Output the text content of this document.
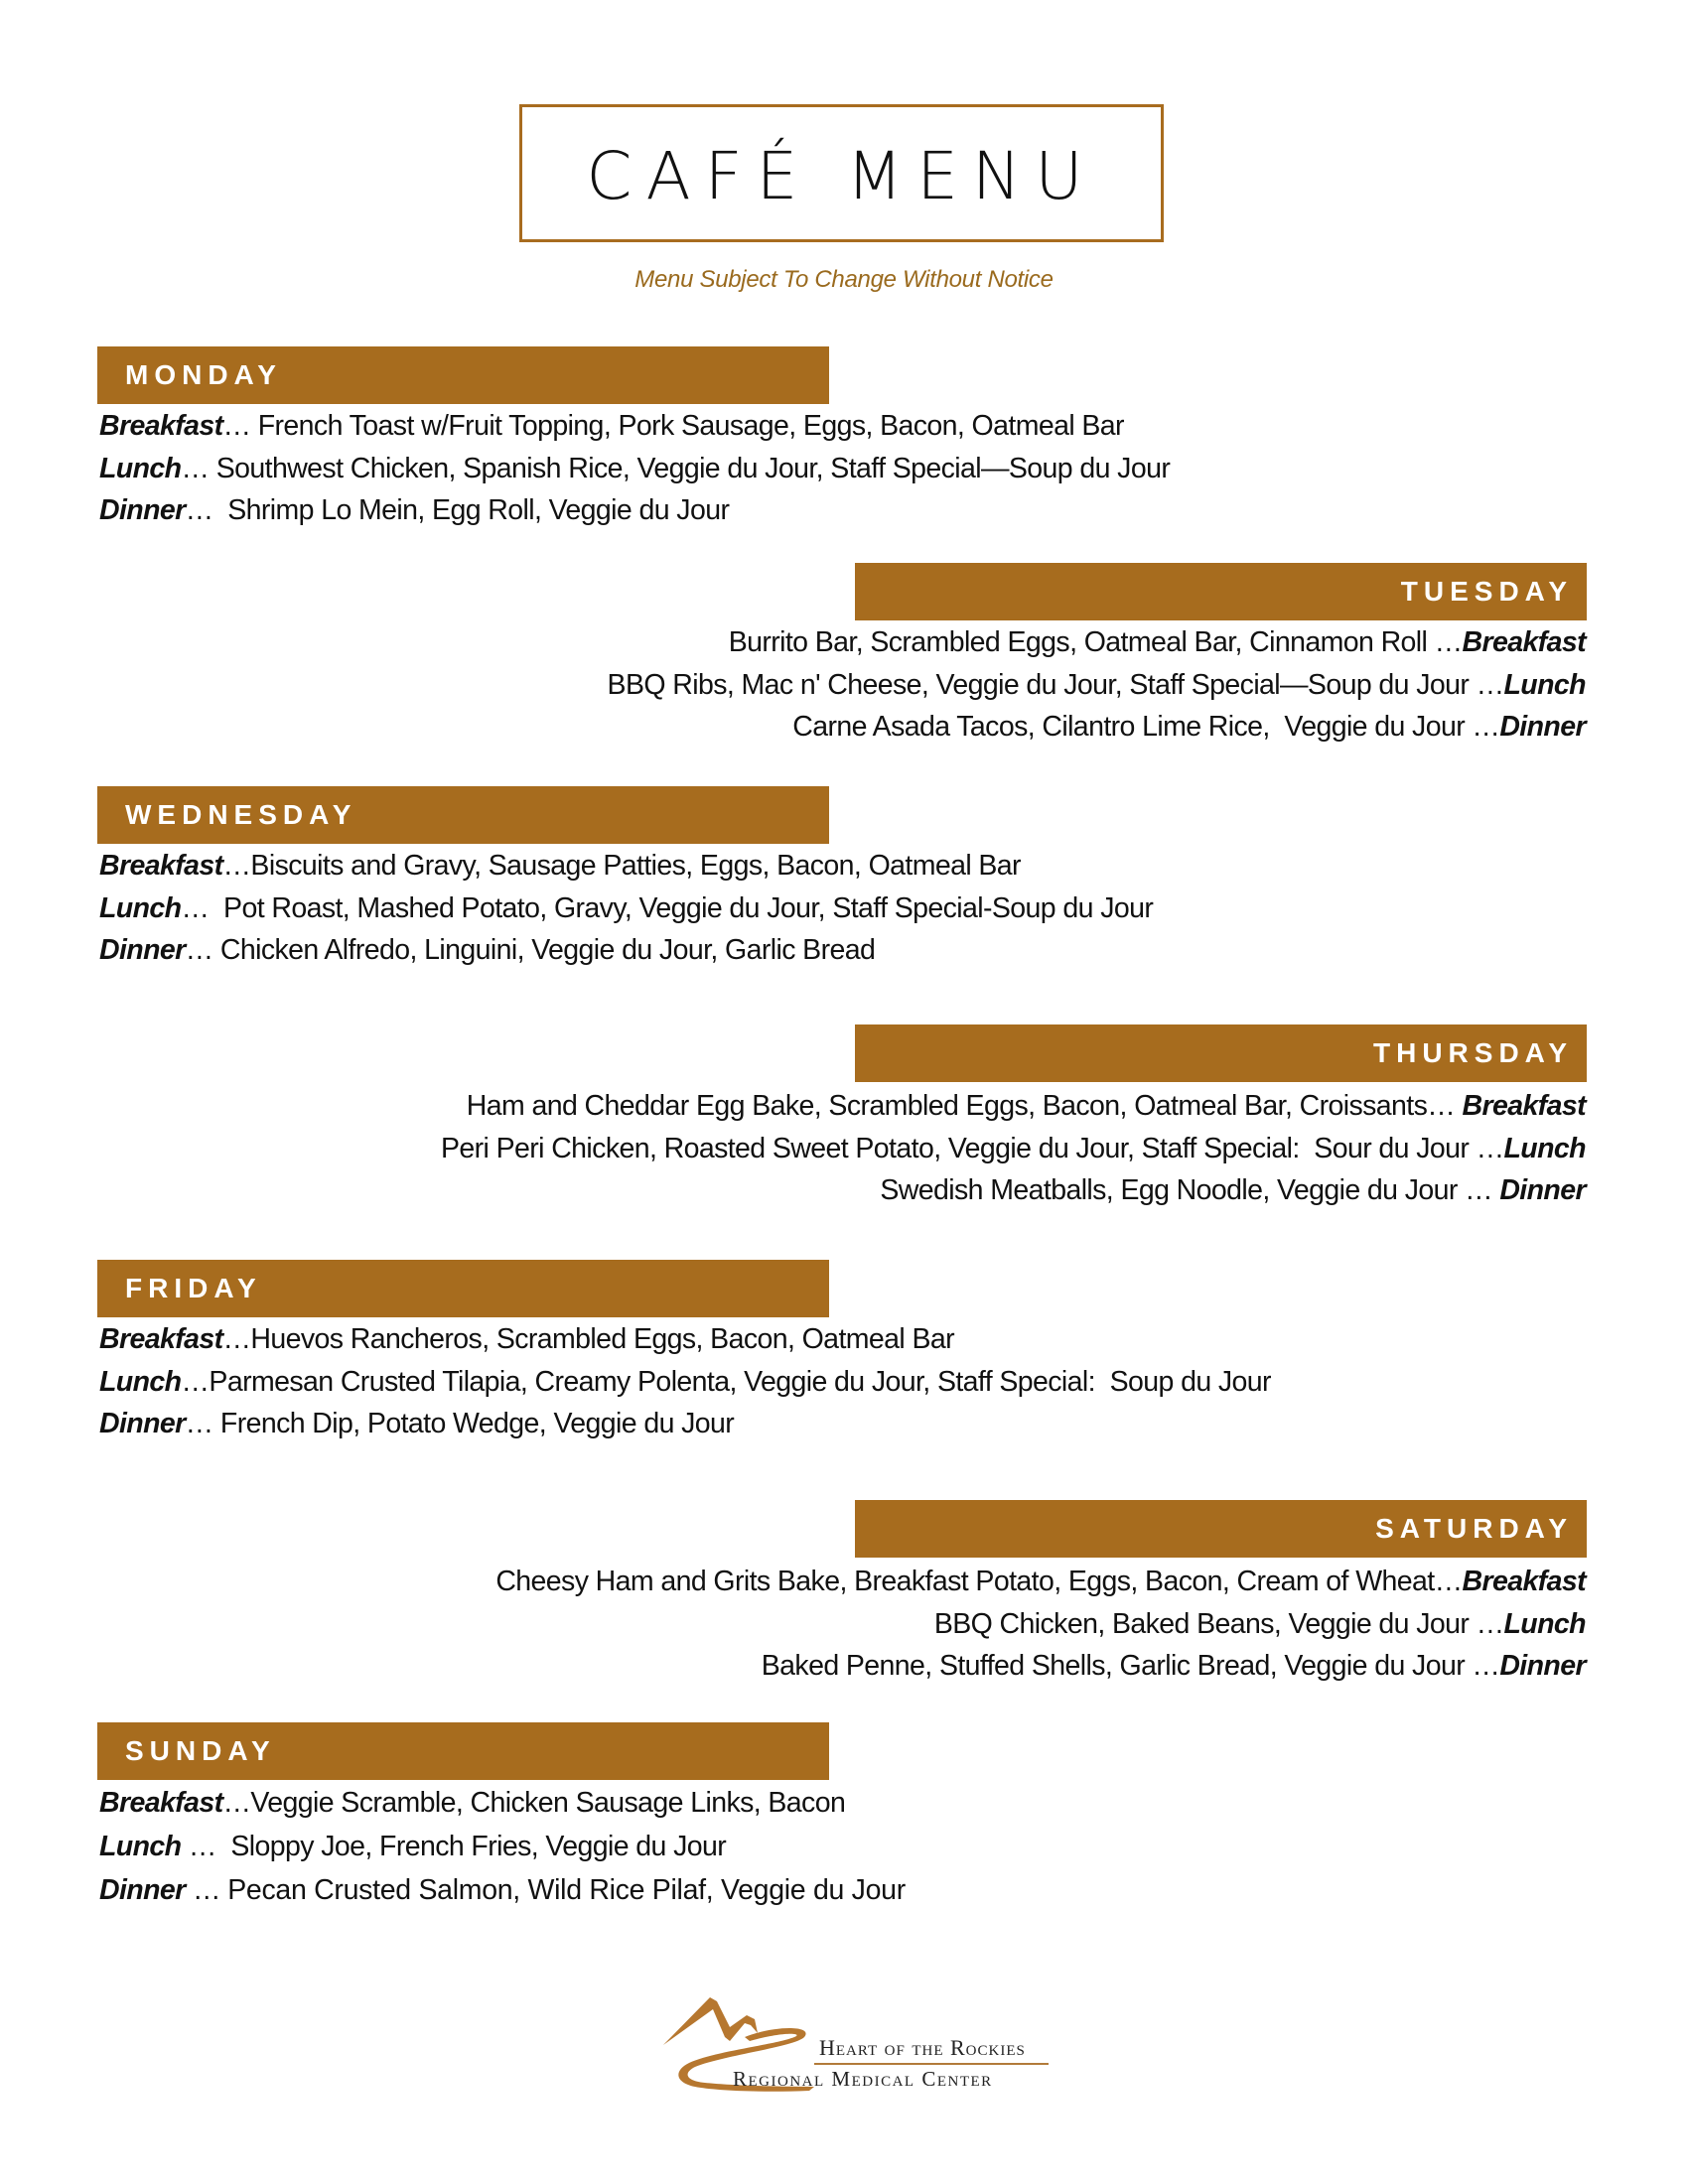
CAFÉ MENU
Menu Subject To Change Without Notice
MONDAY
Breakfast… French Toast w/Fruit Topping, Pork Sausage, Eggs, Bacon, Oatmeal Bar
Lunch… Southwest Chicken, Spanish Rice, Veggie du Jour, Staff Special—Soup du Jour
Dinner…  Shrimp Lo Mein, Egg Roll, Veggie du Jour
TUESDAY
Burrito Bar, Scrambled Eggs, Oatmeal Bar, Cinnamon Roll …Breakfast
BBQ Ribs, Mac n' Cheese, Veggie du Jour, Staff Special—Soup du Jour …Lunch
Carne Asada Tacos, Cilantro Lime Rice,  Veggie du Jour …Dinner
WEDNESDAY
Breakfast…Biscuits and Gravy, Sausage Patties, Eggs, Bacon, Oatmeal Bar
Lunch…  Pot Roast, Mashed Potato, Gravy, Veggie du Jour, Staff Special-Soup du Jour
Dinner… Chicken Alfredo, Linguini, Veggie du Jour, Garlic Bread
THURSDAY
Ham and Cheddar Egg Bake, Scrambled Eggs, Bacon, Oatmeal Bar, Croissants… Breakfast
Peri Peri Chicken, Roasted Sweet Potato, Veggie du Jour, Staff Special:  Sour du Jour …Lunch
Swedish Meatballs, Egg Noodle, Veggie du Jour … Dinner
FRIDAY
Breakfast…Huevos Rancheros, Scrambled Eggs, Bacon, Oatmeal Bar
Lunch…Parmesan Crusted Tilapia, Creamy Polenta, Veggie du Jour, Staff Special:  Soup du Jour
Dinner… French Dip, Potato Wedge, Veggie du Jour
SATURDAY
Cheesy Ham and Grits Bake, Breakfast Potato, Eggs, Bacon, Cream of Wheat…Breakfast
BBQ Chicken, Baked Beans, Veggie du Jour …Lunch
Baked Penne, Stuffed Shells, Garlic Bread, Veggie du Jour …Dinner
SUNDAY
Breakfast…Veggie Scramble, Chicken Sausage Links, Bacon
Lunch …  Sloppy Joe, French Fries, Veggie du Jour
Dinner … Pecan Crusted Salmon, Wild Rice Pilaf, Veggie du Jour
Heart of the Rockies
Regional Medical Center
